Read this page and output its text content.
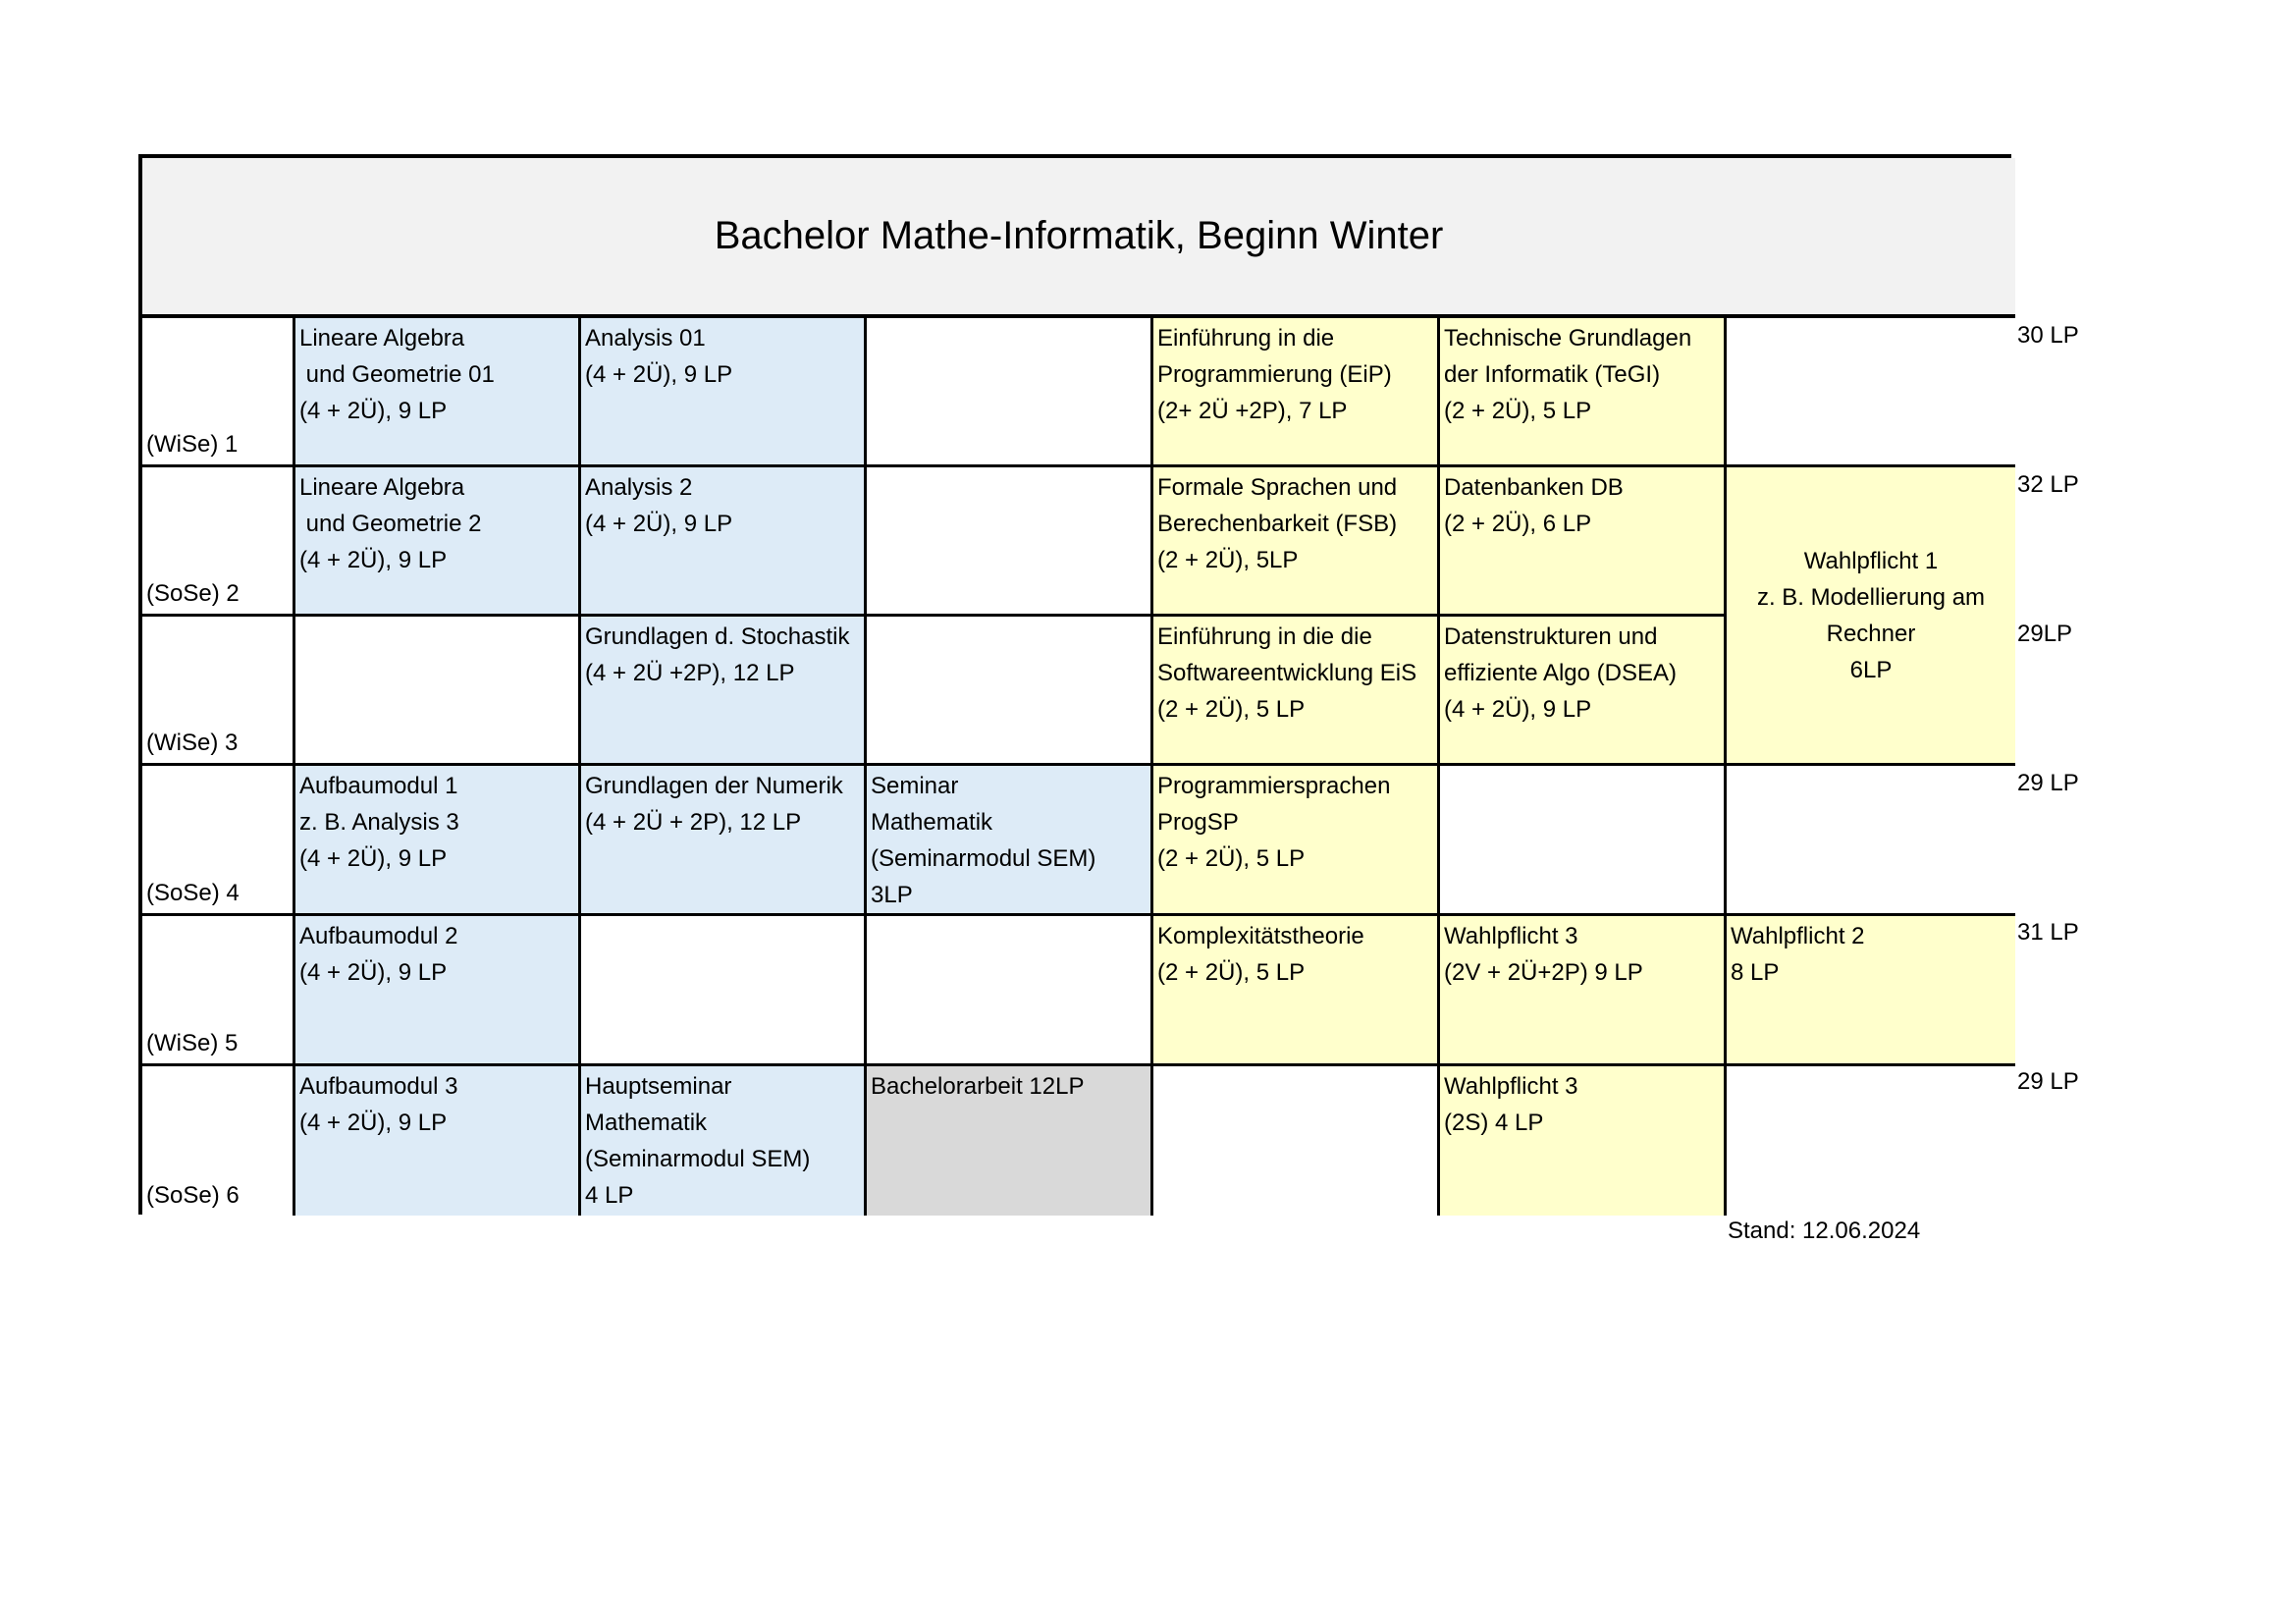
Bachelor Mathe-Informatik, Beginn Winter
(WiSe) 1
Lineare Algebra
und Geometrie 01
(4 + 2Ü), 9 LP
Analysis 01
(4 + 2Ü), 9 LP
Einführung in die
Programmierung (EiP)
(2+ 2Ü +2P), 7 LP
Technische Grundlagen
der Informatik (TeGI)
(2 + 2Ü), 5 LP
(SoSe) 2
Lineare Algebra
und Geometrie 2
(4 + 2Ü), 9 LP
Analysis 2
(4 + 2Ü), 9 LP
Formale Sprachen und
Berechenbarkeit (FSB)
(2 + 2Ü), 5LP
Datenbanken DB
(2 + 2Ü), 6 LP
Wahlpflicht 1
z. B. Modellierung am
Rechner
6LP
(WiSe) 3
Grundlagen d. Stochastik
(4 + 2Ü +2P), 12 LP
Einführung in die die
Softwareentwicklung EiS
(2 + 2Ü), 5 LP
Datenstrukturen und
effiziente Algo (DSEA)
(4 + 2Ü), 9 LP
(SoSe) 4
Aufbaumodul 1
z. B. Analysis 3
(4 + 2Ü), 9 LP
Grundlagen der Numerik
(4 + 2Ü + 2P), 12 LP
Seminar
Mathematik
(Seminarmodul SEM)
3LP
Programmiersprachen
ProgSP
(2 + 2Ü), 5 LP
(WiSe) 5
Aufbaumodul 2
(4 + 2Ü), 9 LP
Komplexitätstheorie
(2 + 2Ü), 5 LP
Wahlpflicht 3
(2V + 2Ü+2P) 9 LP
Wahlpflicht 2
8 LP
(SoSe) 6
Aufbaumodul 3
(4 + 2Ü), 9 LP
Hauptseminar
Mathematik
(Seminarmodul SEM)
4 LP
Bachelorarbeit 12LP	Wahlpflicht 3
(2S) 4 LP
30 LP
32 LP
29LP
29 LP
31 LP
29 LP
Stand: 12.06.2024
